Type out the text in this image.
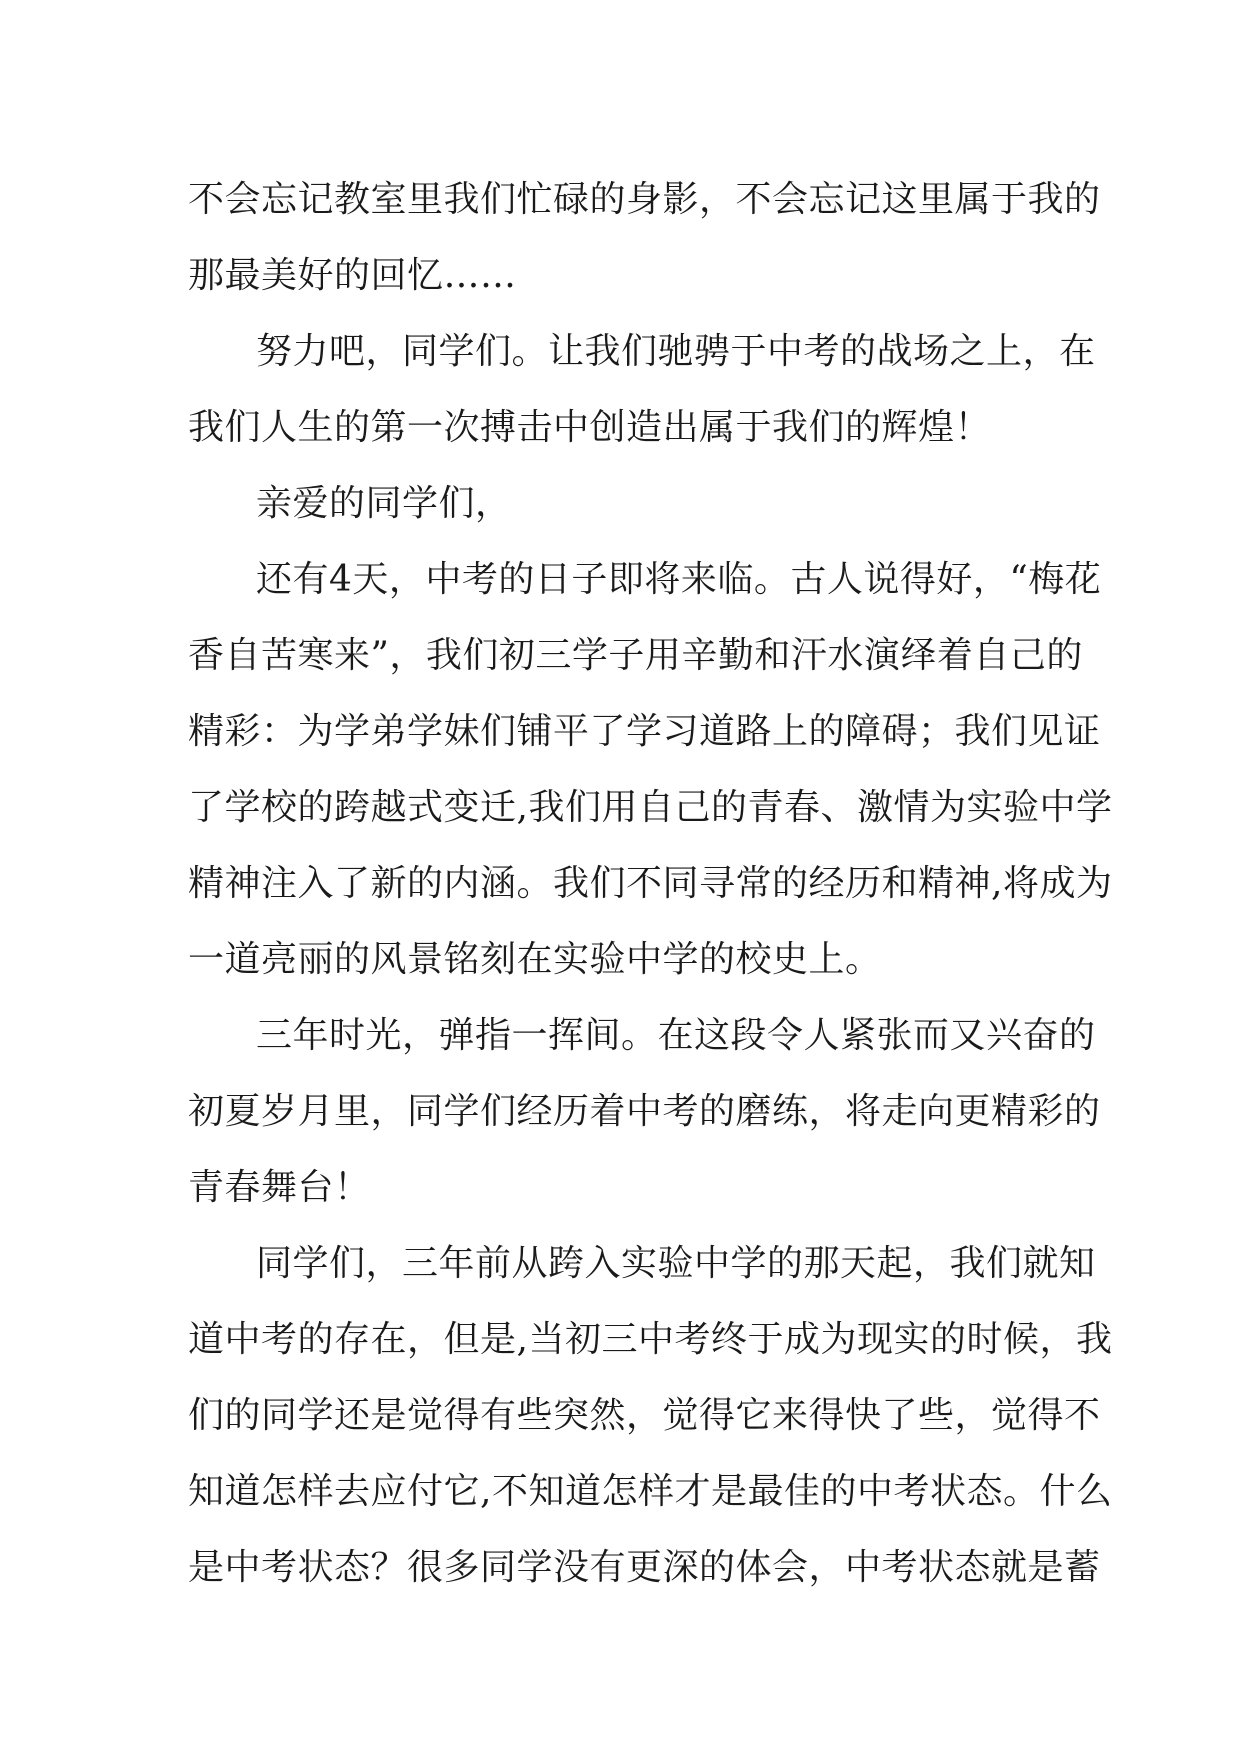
不会忘记教室里我们忙碌的身影，不会忘记这里属于我的
那最美好的回忆……
努力吧，同学们。让我们驰骋于中考的战场之上，在
我们人生的第一次搏击中创造出属于我们的辉煌！
亲爱的同学们，
还有4天，中考的日子即将来临。古人说得好，“梅花
香自苦寒来”，我们初三学子用辛勤和汗水演绎着自己的
精彩：为学弟学妹们铺平了学习道路上的障碍；我们见证
了学校的跨越式变迁,我们用自己的青春、激情为实验中学
精神注入了新的内涵。我们不同寻常的经历和精神,将成为
一道亮丽的风景铭刻在实验中学的校史上。
三年时光，弹指一挥间。在这段令人紧张而又兴奋的
初夏岁月里，同学们经历着中考的磨练，将走向更精彩的
青春舞台！
同学们，三年前从跨入实验中学的那天起，我们就知
道中考的存在，但是,当初三中考终于成为现实的时候，我
们的同学还是觉得有些突然，觉得它来得快了些，觉得不
知道怎样去应付它,不知道怎样才是最佳的中考状态。什么
是中考状态？很多同学没有更深的体会，中考状态就是蓄
